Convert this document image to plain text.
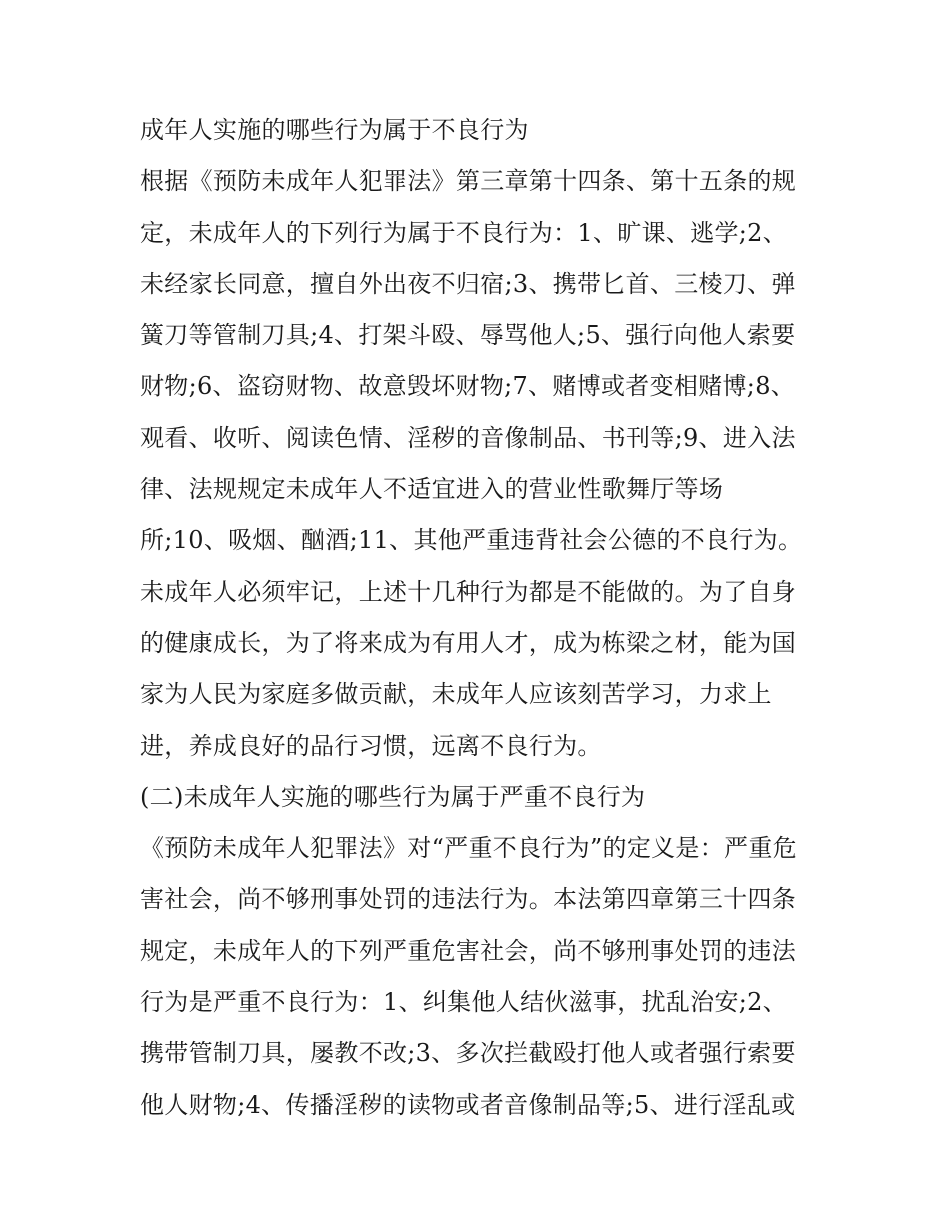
成年人实施的哪些行为属于不良行为
根据《预防未成年人犯罪法》第三章第十四条、第十五条的规
定，未成年人的下列行为属于不良行为：1、旷课、逃学;2、
未经家长同意，擅自外出夜不归宿;3、携带匕首、三棱刀、弹
簧刀等管制刀具;4、打架斗殴、辱骂他人;5、强行向他人索要
财物;6、盗窃财物、故意毁坏财物;7、赌博或者变相赌博;8、
观看、收听、阅读色情、淫秽的音像制品、书刊等;9、进入法
律、法规规定未成年人不适宜进入的营业性歌舞厅等场
所;10、吸烟、酗酒;11、其他严重违背社会公德的不良行为。
未成年人必须牢记，上述十几种行为都是不能做的。为了自身
的健康成长，为了将来成为有用人才，成为栋梁之材，能为国
家为人民为家庭多做贡献，未成年人应该刻苦学习，力求上
进，养成良好的品行习惯，远离不良行为。
(二)未成年人实施的哪些行为属于严重不良行为
《预防未成年人犯罪法》对“严重不良行为”的定义是：严重危
害社会，尚不够刑事处罚的违法行为。本法第四章第三十四条
规定，未成年人的下列严重危害社会，尚不够刑事处罚的违法
行为是严重不良行为：1、纠集他人结伙滋事，扰乱治安;2、
携带管制刀具，屡教不改;3、多次拦截殴打他人或者强行索要
他人财物;4、传播淫秽的读物或者音像制品等;5、进行淫乱或
